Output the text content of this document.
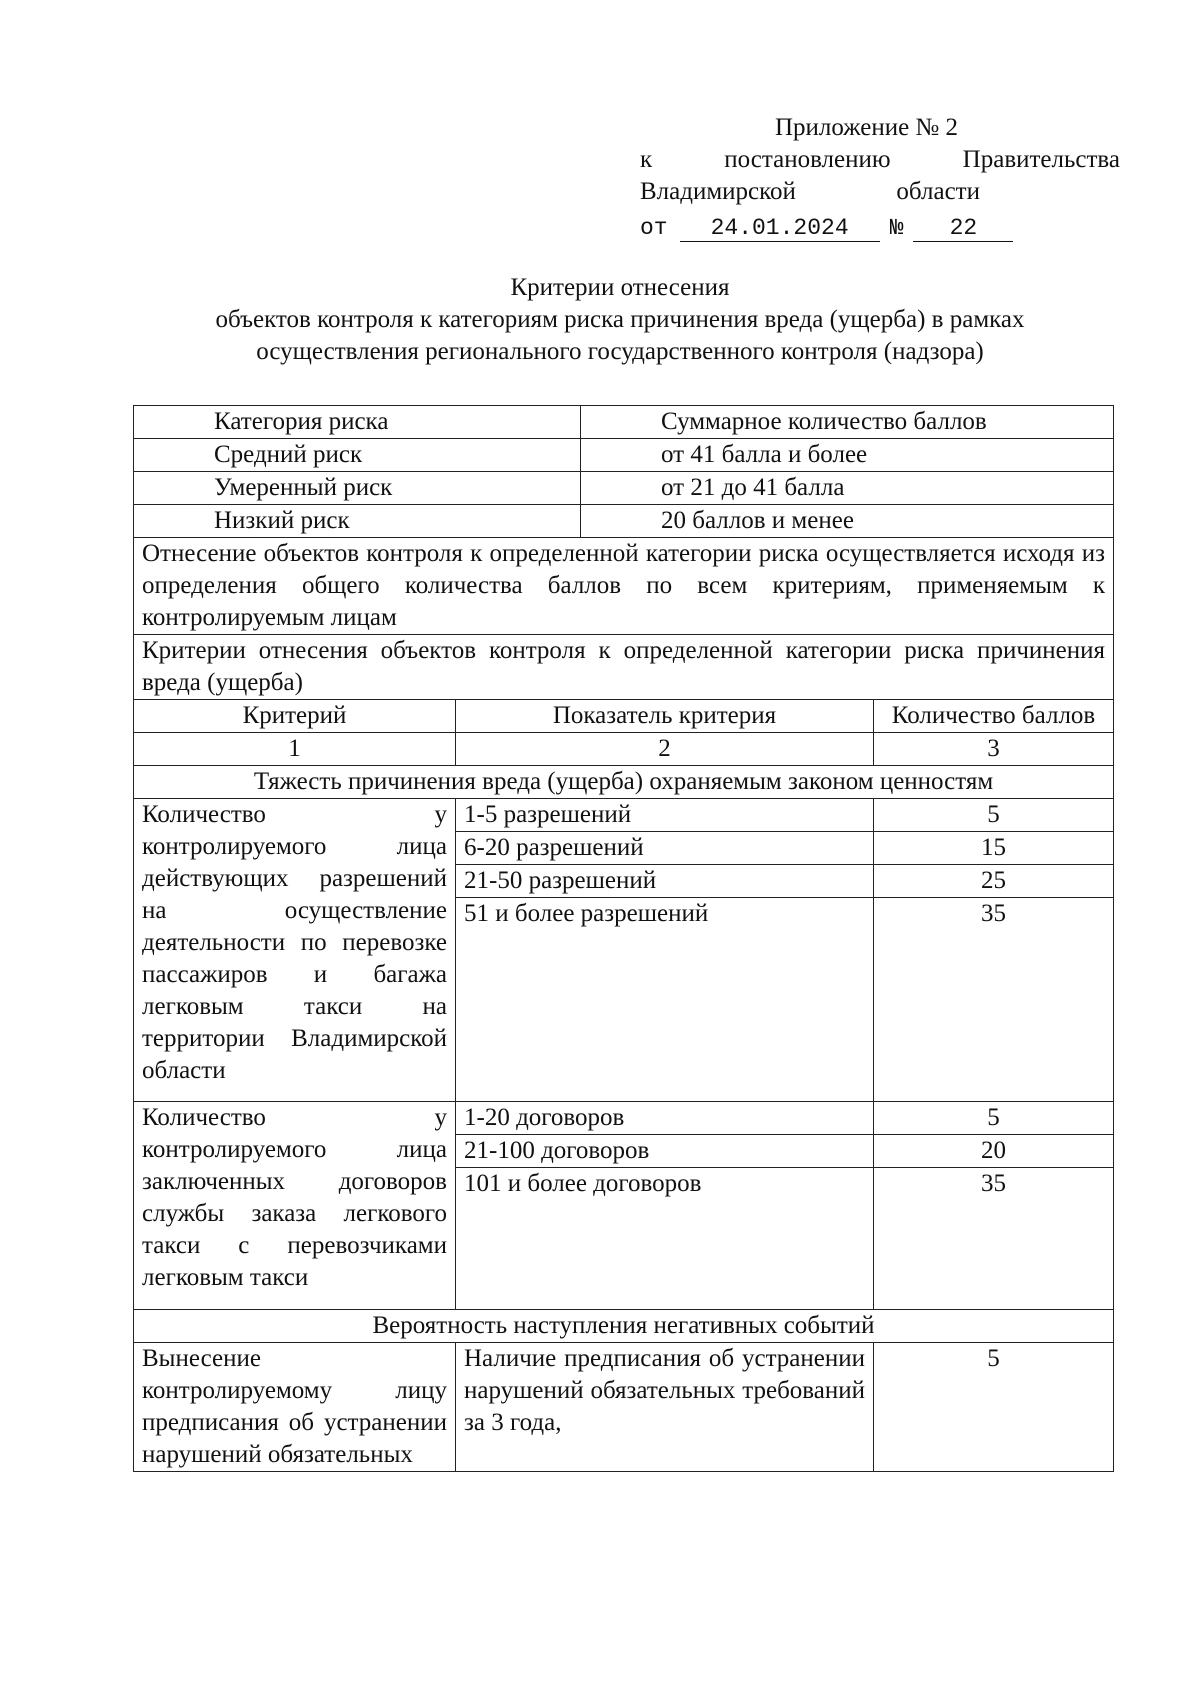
Приложение № 2
к	постановлению	Правительства
Владимирской	области
от	24.01.2024	№	22
Критерии отнесения
объектов контроля к категориям риска причинения вреда (ущерба) в рамках
осуществления регионального государственного контроля (надзора)
Категория риска		Суммарное количество баллов	
Средний риск		от 41 балла и более	
Умеренный риск		от 21 до 41 балла	
Низкий риск		20 баллов и менее	
Отнесение объектов контроля к определенной категории риска осуществляется исходя из определения общего количества баллов по всем критериям, применяемым к контролируемым лицам			
Критерии отнесения объектов контроля к определенной категории риска причинения вреда (ущерба)			
Критерий	Показатель критерия		Количество баллов
1	2		3
Тяжесть причинения вреда (ущерба) охраняемым законом ценностям			
Количество у контролируемого лица действующих разрешений на осуществление деятельности по перевозке пассажиров и багажа легковым такси на территории Владимирской области	1-5 разрешений		5
	6-20 разрешений		15
	21-50 разрешений		25
	51 и более разрешений		35
Количество у контролируемого лица заключенных договоров службы заказа легкового такси с перевозчиками легковым такси	1-20 договоров		5
	21-100 договоров		20
	101 и более договоров		35
Вероятность наступления негативных событий			
Вынесение контролируемому лицу предписания об устранении нарушений обязательных	Наличие предписания об устранении нарушений обязательных требований за 3 года,		5
